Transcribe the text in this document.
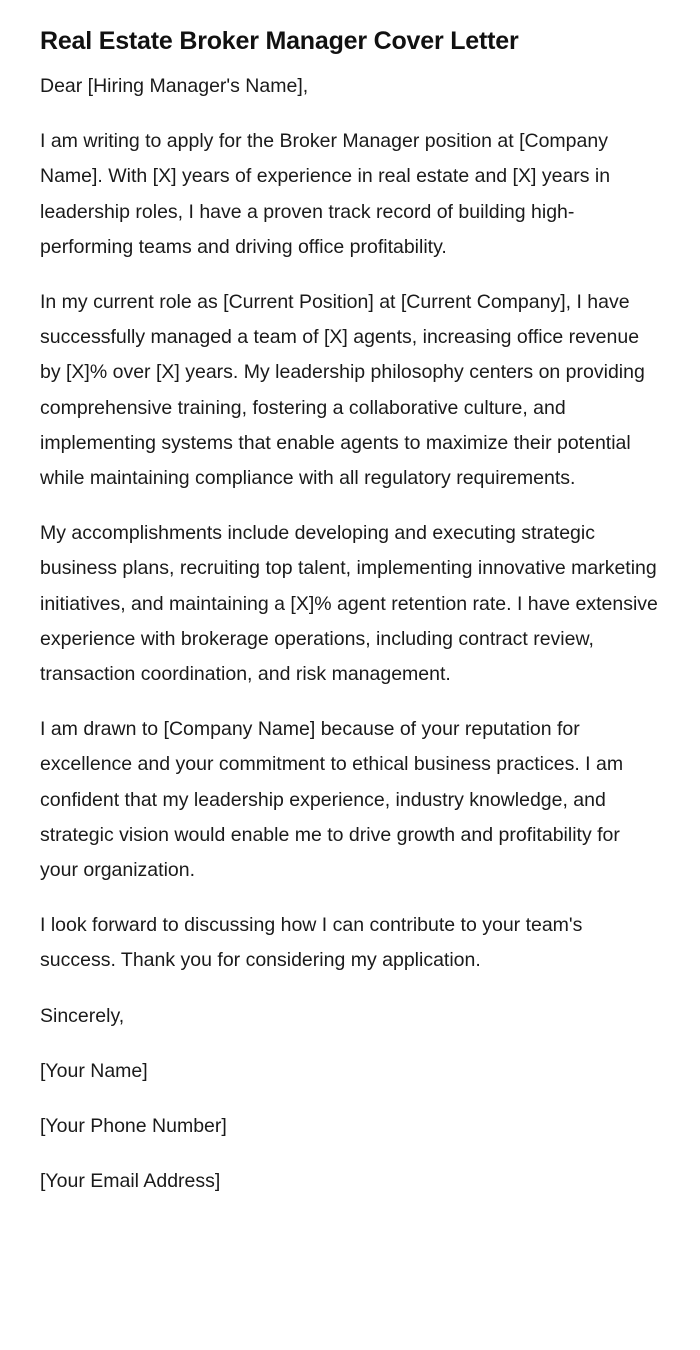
Real Estate Broker Manager Cover Letter

Dear [Hiring Manager's Name],

I am writing to apply for the Broker Manager position at [Company Name]. With [X] years of experience in real estate and [X] years in leadership roles, I have a proven track record of building high-performing teams and driving office profitability.

In my current role as [Current Position] at [Current Company], I have successfully managed a team of [X] agents, increasing office revenue by [X]% over [X] years. My leadership philosophy centers on providing comprehensive training, fostering a collaborative culture, and implementing systems that enable agents to maximize their potential while maintaining compliance with all regulatory requirements.

My accomplishments include developing and executing strategic business plans, recruiting top talent, implementing innovative marketing initiatives, and maintaining a [X]% agent retention rate. I have extensive experience with brokerage operations, including contract review, transaction coordination, and risk management.

I am drawn to [Company Name] because of your reputation for excellence and your commitment to ethical business practices. I am confident that my leadership experience, industry knowledge, and strategic vision would enable me to drive growth and profitability for your organization.

I look forward to discussing how I can contribute to your team's success. Thank you for considering my application.

Sincerely,

[Your Name]

[Your Phone Number]

[Your Email Address]
